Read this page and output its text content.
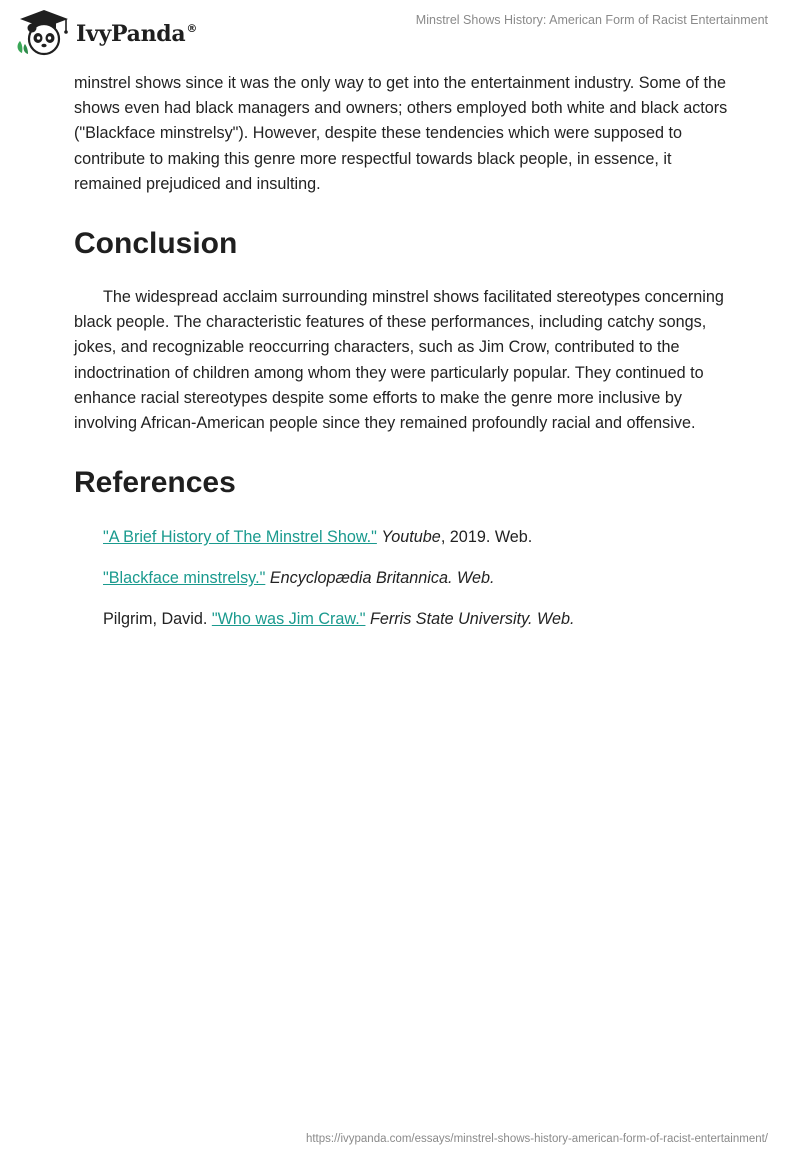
IvyPanda®
Minstrel Shows History: American Form of Racist Entertainment

minstrel shows since it was the only way to get into the entertainment industry. Some of the shows even had black managers and owners; others employed both white and black actors ("Blackface minstrelsy"). However, despite these tendencies which were supposed to contribute to making this genre more respectful towards black people, in essence, it remained prejudiced and insulting.

Conclusion

The widespread acclaim surrounding minstrel shows facilitated stereotypes concerning black people. The characteristic features of these performances, including catchy songs, jokes, and recognizable reoccurring characters, such as Jim Crow, contributed to the indoctrination of children among whom they were particularly popular. They continued to enhance racial stereotypes despite some efforts to make the genre more inclusive by involving African-American people since they remained profoundly racial and offensive.

References

"A Brief History of The Minstrel Show." Youtube, 2019. Web.

"Blackface minstrelsy." Encyclopædia Britannica. Web.

Pilgrim, David. "Who was Jim Craw." Ferris State University. Web.

https://ivypanda.com/essays/minstrel-shows-history-american-form-of-racist-entertainment/
